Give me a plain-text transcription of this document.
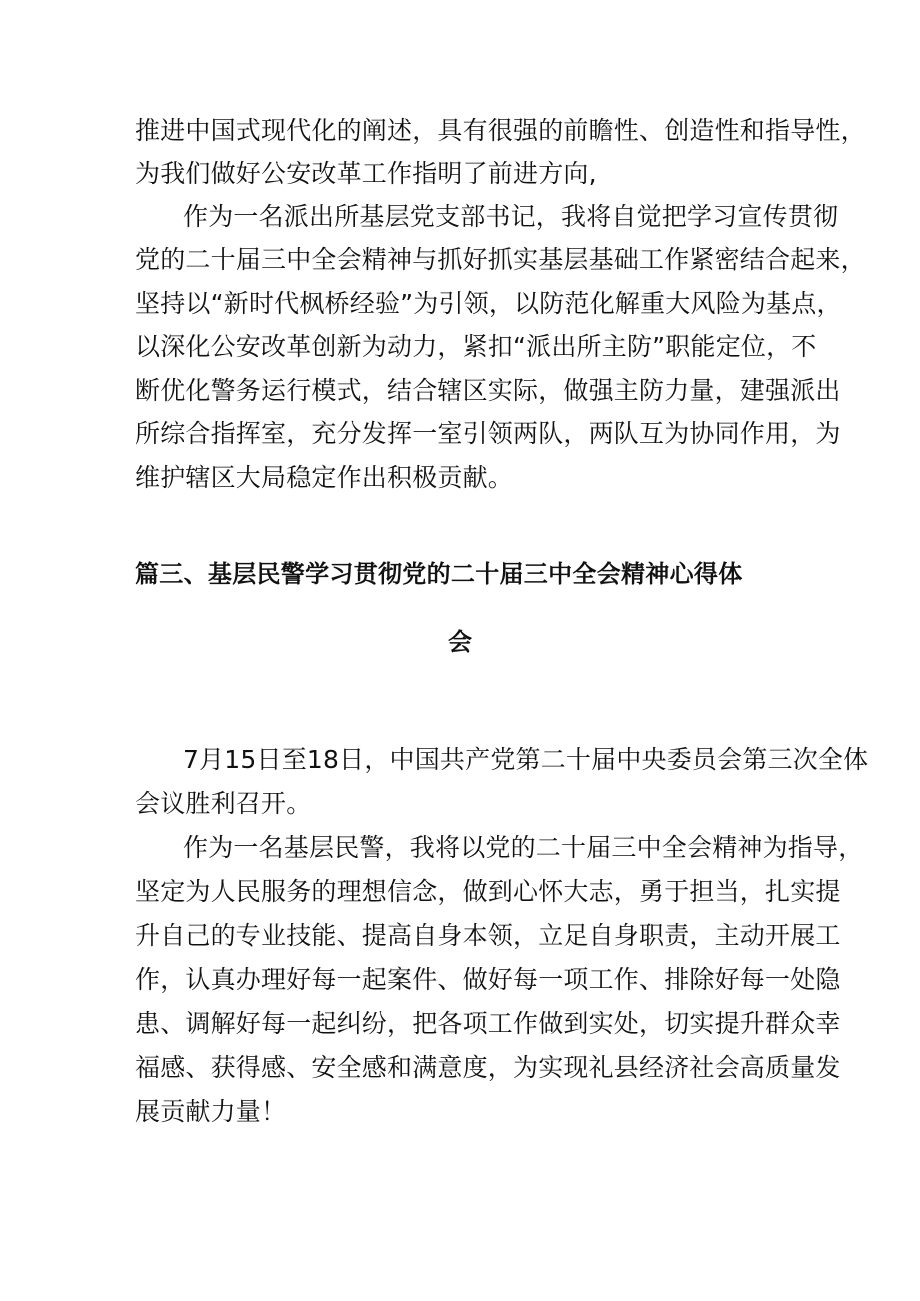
推进中国式现代化的阐述，具有很强的前瞻性、创造性和指导性，
为我们做好公安改革工作指明了前进方向,
作为一名派出所基层党支部书记，我将自觉把学习宣传贯彻
党的二十届三中全会精神与抓好抓实基层基础工作紧密结合起来，
坚持以“新时代枫桥经验”为引领，以防范化解重大风险为基点，
以深化公安改革创新为动力，紧扣“派出所主防”职能定位，不
断优化警务运行模式，结合辖区实际，做强主防力量，建强派出
所综合指挥室，充分发挥一室引领两队，两队互为协同作用，为
维护辖区大局稳定作出积极贡献。
篇三、基层民警学习贯彻党的二十届三中全会精神心得体
会
7月15日至18日，中国共产党第二十届中央委员会第三次全体
会议胜利召开。
作为一名基层民警，我将以党的二十届三中全会精神为指导，
坚定为人民服务的理想信念，做到心怀大志，勇于担当，扎实提
升自己的专业技能、提高自身本领，立足自身职责，主动开展工
作，认真办理好每一起案件、做好每一项工作、排除好每一处隐
患、调解好每一起纠纷，把各项工作做到实处，切实提升群众幸
福感、获得感、安全感和满意度，为实现礼县经济社会高质量发
展贡献力量！
